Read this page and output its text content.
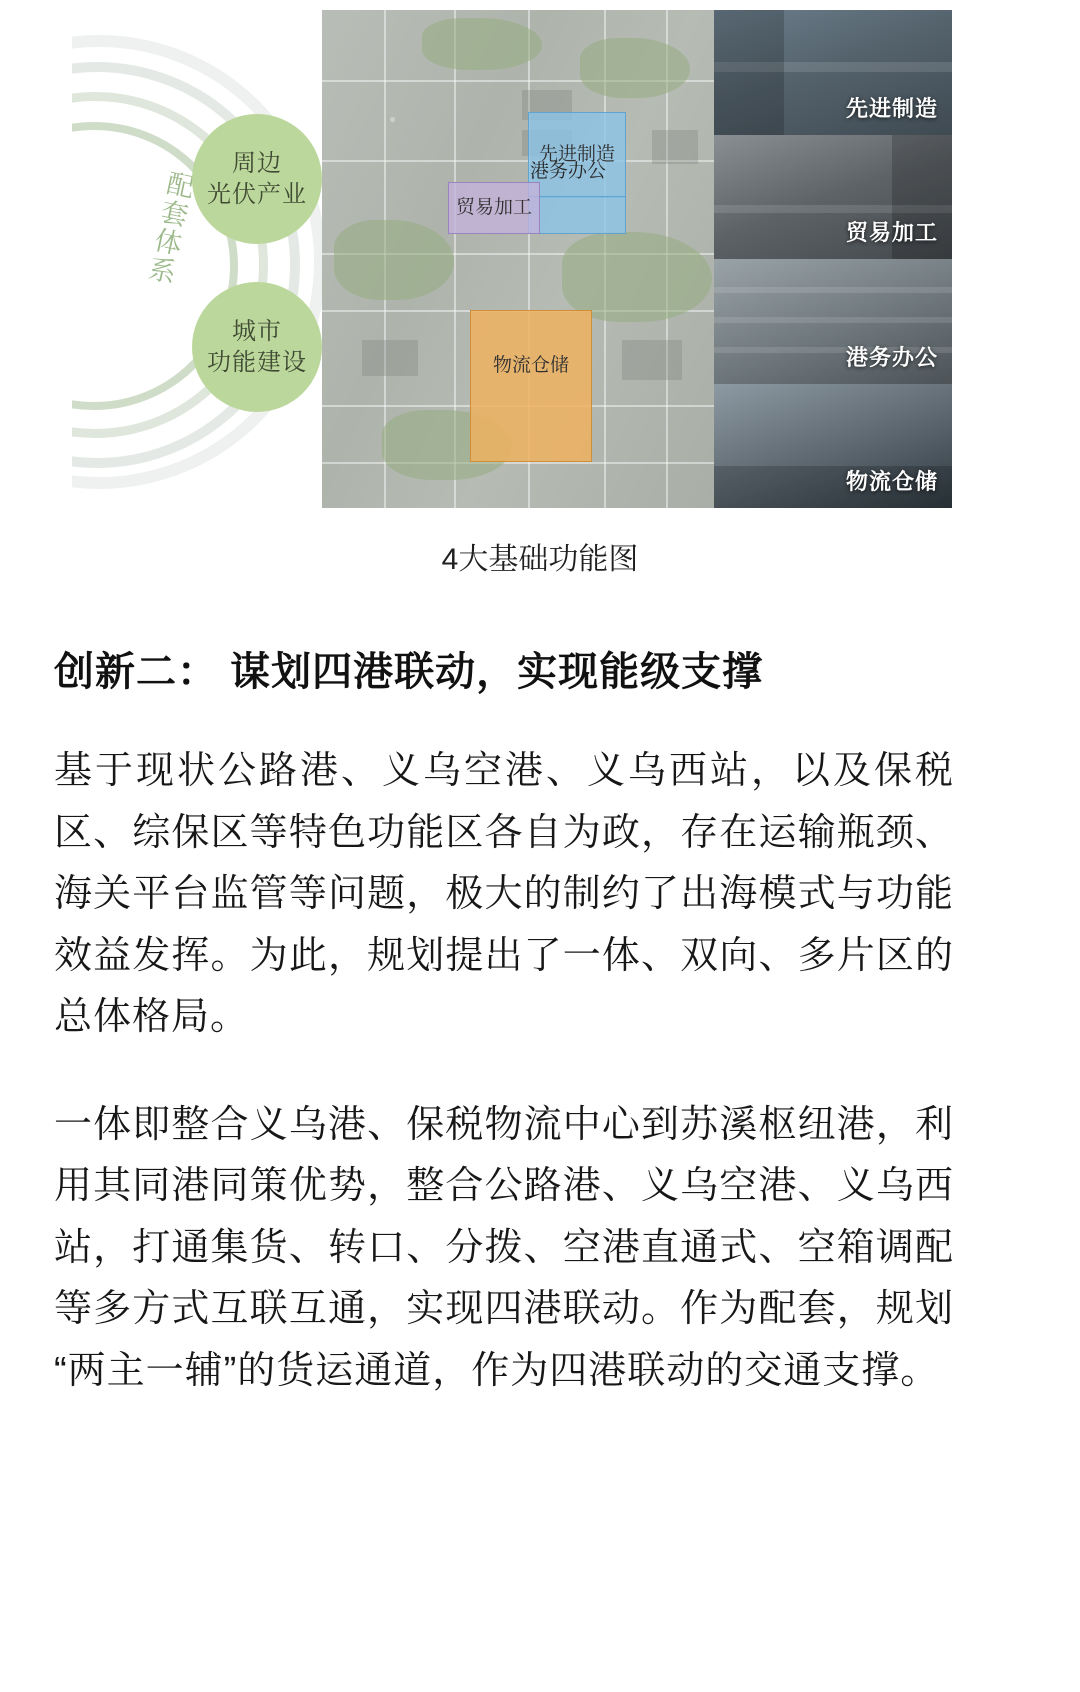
配套体系
周边
光伏产业
城市
功能建设
先进制造
港务办公
贸易加工
物流仓储
先进制造
贸易加工
港务办公
物流仓储
4大基础功能图
创新二： 谋划四港联动，实现能级支撑

基于现状公路港、义乌空港、义乌西站，以及保税区、综保区等特色功能区各自为政，存在运输瓶颈、海关平台监管等问题，极大的制约了出海模式与功能效益发挥。为此，规划提出了一体、双向、多片区的总体格局。

一体即整合义乌港、保税物流中心到苏溪枢纽港，利用其同港同策优势，整合公路港、义乌空港、义乌西站，打通集货、转口、分拨、空港直通式、空箱调配等多方式互联互通，实现四港联动。作为配套，规划“两主一辅”的货运通道，作为四港联动的交通支撑。
